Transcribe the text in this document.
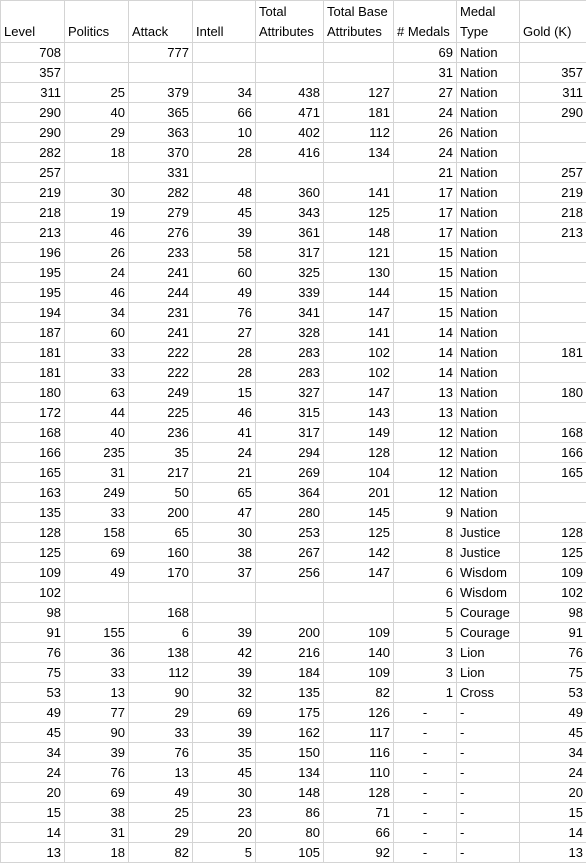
Level	Politics	Attack	Intell	Total Attributes	Total Base Attributes	# Medals	Medal Type	Gold (K)
708		777				69	Nation	
357						31	Nation	357
311	25	379	34	438	127	27	Nation	311
290	40	365	66	471	181	24	Nation	290
290	29	363	10	402	112	26	Nation	
282	18	370	28	416	134	24	Nation	
257		331				21	Nation	257
219	30	282	48	360	141	17	Nation	219
218	19	279	45	343	125	17	Nation	218
213	46	276	39	361	148	17	Nation	213
196	26	233	58	317	121	15	Nation	
195	24	241	60	325	130	15	Nation	
195	46	244	49	339	144	15	Nation	
194	34	231	76	341	147	15	Nation	
187	60	241	27	328	141	14	Nation	
181	33	222	28	283	102	14	Nation	181
181	33	222	28	283	102	14	Nation	
180	63	249	15	327	147	13	Nation	180
172	44	225	46	315	143	13	Nation	
168	40	236	41	317	149	12	Nation	168
166	235	35	24	294	128	12	Nation	166
165	31	217	21	269	104	12	Nation	165
163	249	50	65	364	201	12	Nation	
135	33	200	47	280	145	9	Nation	
128	158	65	30	253	125	8	Justice	128
125	69	160	38	267	142	8	Justice	125
109	49	170	37	256	147	6	Wisdom	109
102						6	Wisdom	102
98		168				5	Courage	98
91	155	6	39	200	109	5	Courage	91
76	36	138	42	216	140	3	Lion	76
75	33	112	39	184	109	3	Lion	75
53	13	90	32	135	82	1	Cross	53
49	77	29	69	175	126	-	-	49
45	90	33	39	162	117	-	-	45
34	39	76	35	150	116	-	-	34
24	76	13	45	134	110	-	-	24
20	69	49	30	148	128	-	-	20
15	38	25	23	86	71	-	-	15
14	31	29	20	80	66	-	-	14
13	18	82	5	105	92	-	-	13
